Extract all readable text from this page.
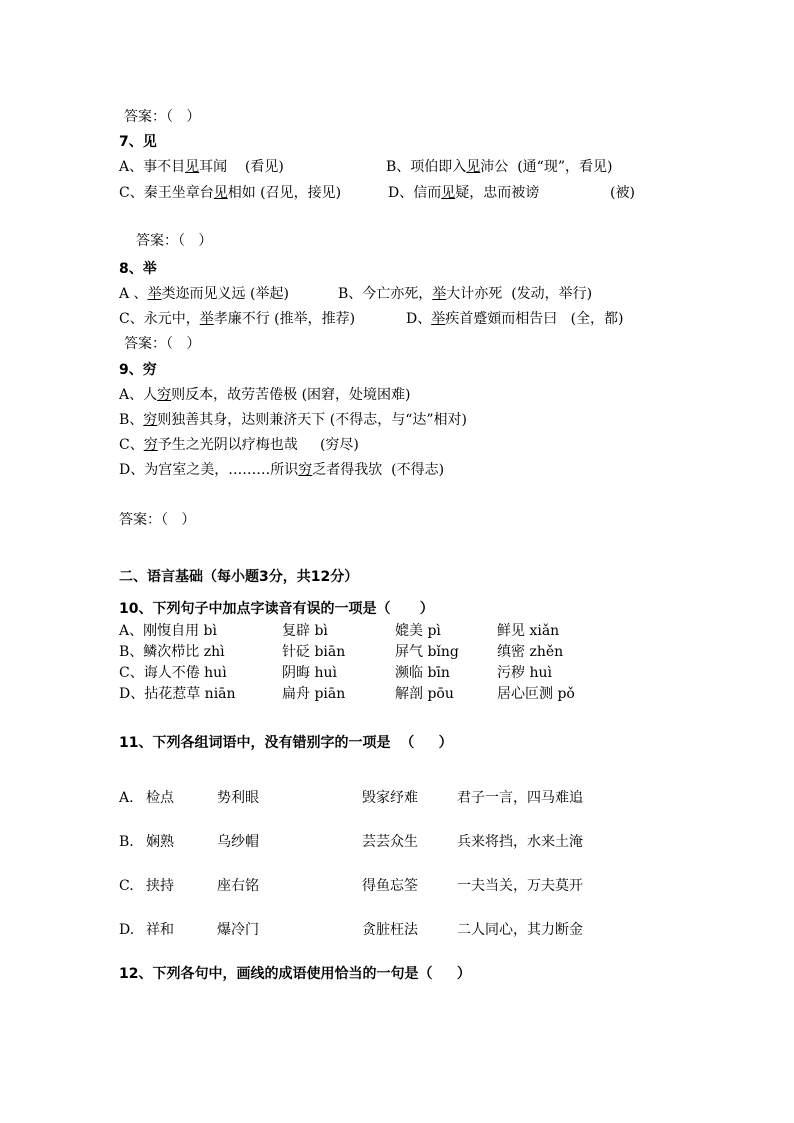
答案：（   ）
7、见
A、事不目见耳闻    (看见)	B、项伯即入见沛公  (通“现”，看见)
C、秦王坐章台见相如 (召见，接见)	D、信而见疑，忠而被谤	(被)
答案：（   ）
8、举
A 、举类迩而见义远 (举起)	B、今亡亦死，举大计亦死  (发动，举行)
C、永元中，举孝廉不行 (推举，推荐)	D、举疾首蹙頞而相告曰   (全，都)
答案：（   ）
9、穷
A、人穷则反本，故劳苦倦极 (困窘，处境困难)
B、穷则独善其身，达则兼济天下 (不得志，与“达”相对)
C、穷予生之光阴以疗梅也哉     (穷尽)
D、为宫室之美，………所识穷乏者得我欤  (不得志)
答案：（   ）
二、语言基础（每小题3分，共12分）
10、下列句子中加点字读音有误的一项是（      ）
A、刚愎自用 bì	复辟 bì	媲美 pì	鲜见 xiǎn
B、鳞次栉比 zhì	针砭 biān	屏气 bǐng	缜密 zhěn
C、诲人不倦 huì	阴晦 huì	濒临 bīn	污秽 huì
D、拈花惹草 niān	扁舟 piān	解剖 pōu	居心叵测 pǒ
11、下列各组词语中，没有错别字的一项是  （     ）
A. 检点	势利眼	毁家纾难	君子一言，四马难追
B. 娴熟	乌纱帽	芸芸众生	兵来将挡，水来土淹
C. 挟持	座右铭	得鱼忘筌	一夫当关，万夫莫开
D. 祥和	爆冷门	贪脏枉法	二人同心，其力断金
12、下列各句中，画线的成语使用恰当的一句是（     ）
